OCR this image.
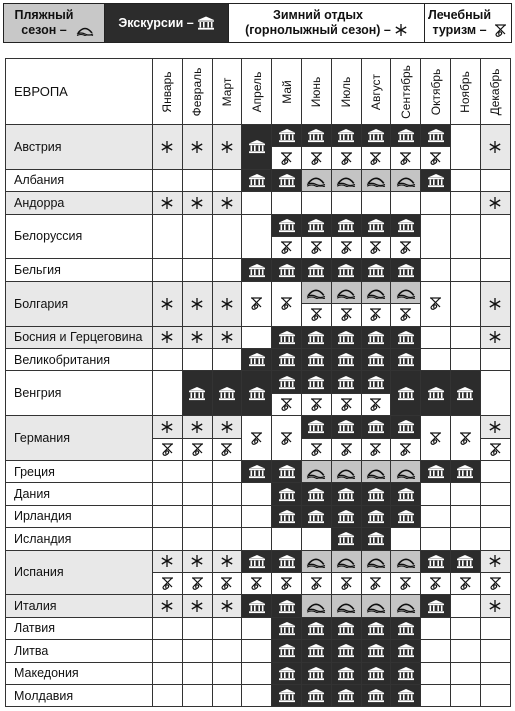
Пляжный
сезон –
Экскурсии –
Зимний отдых
(горнолыжный сезон) –
Лечебный
туризм –
ЕВРОПА	Январь Февраль Март Апрель Май Июнь Июль Август Сентябрь Октябрь Ноябрь Декабрь
Австрия
Албания
Андорра
Белоруссия
Бельгия
Болгария
Босния и Герцеговина
Великобритания
Венгрия
Германия
Греция
Дания
Ирландия
Исландия
Испания
Италия
Латвия
Литва
Македония
Молдавия
